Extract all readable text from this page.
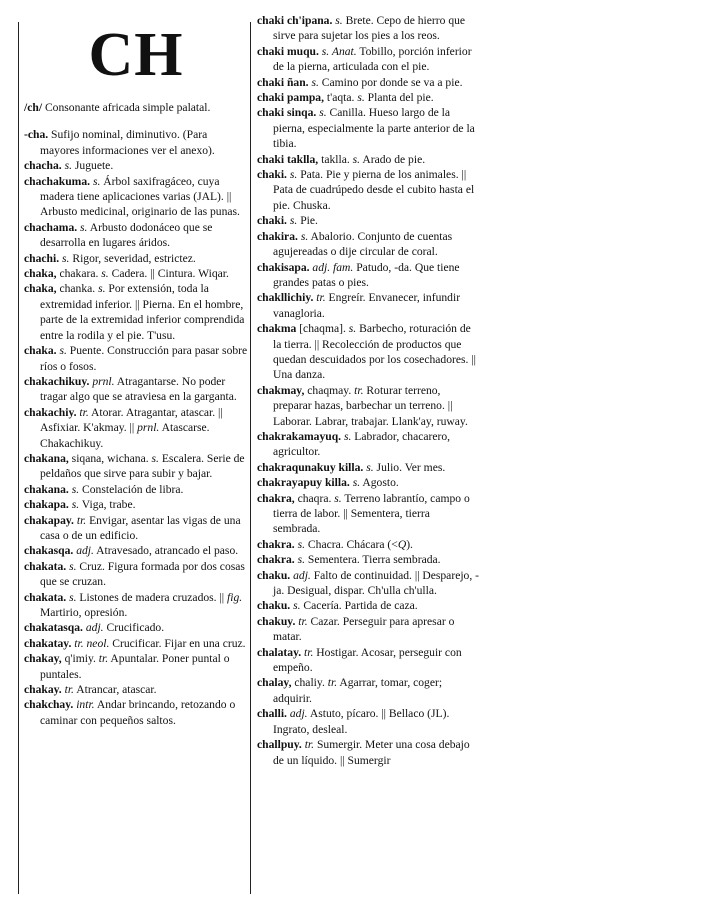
CH

/ch/ Consonante africada simple palatal.

-cha. Sufijo nominal, diminutivo. (Para mayores informaciones ver el anexo).

chacha. s. Juguete.

chachakuma. s. Árbol saxifragáceo, cuya madera tiene aplicaciones varias (JAL). || Arbusto medicinal, originario de las punas.

chachama. s. Arbusto dodonáceo que se desarrolla en lugares áridos.

chachi. s. Rigor, severidad, estrictez.

chaka, chakara. s. Cadera. || Cintura. Wiqar.

chaka, chanka. s. Por extensión, toda la extremidad inferior. || Pierna. En el hombre, parte de la extremidad inferior comprendida entre la rodila y el pie. T'usu.

chaka. s. Puente. Construcción para pasar sobre ríos o fosos.

chakachikuy. prnl. Atragantarse. No poder tragar algo que se atraviesa en la garganta.

chakachiy. tr. Atorar. Atragantar, atascar. || Asfixiar. K'akmay. || prnl. Atascarse. Chakachikuy.

chakana, siqana, wichana. s. Escalera. Serie de peldaños que sirve para subir y bajar.

chakana. s. Constelación de libra.

chakapa. s. Viga, trabe.

chakapay. tr. Envigar, asentar las vigas de una casa o de un edificio.

chakasqa. adj. Atravesado, atrancado el paso.

chakata. s. Cruz. Figura formada por dos cosas que se cruzan.

chakata. s. Listones de madera cruzados. || fig. Martirio, opresión.

chakatasqa. adj. Crucificado.

chakatay. tr. neol. Crucificar. Fijar en una cruz.

chakay, q'imiy. tr. Apuntalar. Poner puntal o puntales.

chakay. tr. Atrancar, atascar.

chakchay. intr. Andar brincando, retozando o caminar con pequeños saltos.

chaki ch'ipana. s. Brete. Cepo de hierro que sirve para sujetar los pies a los reos.

chaki muqu. s. Anat. Tobillo, porción inferior de la pierna, articulada con el pie.

chaki ñan. s. Camino por donde se va a pie.

chaki pampa, t'aqta. s. Planta del pie.

chaki sinqa. s. Canilla. Hueso largo de la pierna, especialmente la parte anterior de la tibia.

chaki taklla, taklla. s. Arado de pie.

chaki. s. Pata. Pie y pierna de los animales. || Pata de cuadrúpedo desde el cubito hasta el pie. Chuska.

chaki. s. Pie.

chakira. s. Abalorio. Conjunto de cuentas agujereadas o dije circular de coral.

chakisapa. adj. fam. Patudo, -da. Que tiene grandes patas o pies.

chakllichiy. tr. Engreír. Envanecer, infundir vanagloria.

chakma [chaqma]. s. Barbecho, roturación de la tierra. || Recolección de productos que quedan descuidados por los cosechadores. || Una danza.

chakmay, chaqmay. tr. Roturar terreno, preparar hazas, barbechar un terreno. || Laborar. Labrar, trabajar. Llank'ay, ruway.

chakrakamayuq. s. Labrador, chacarero, agricultor.

chakraqunakuy killa. s. Julio. Ver mes.

chakrayapuy killa. s. Agosto.

chakra, chaqra. s. Terreno labrantío, campo o tierra de labor. || Sementera, tierra sembrada.

chakra. s. Chacra. Chácara (<Q).

chakra. s. Sementera. Tierra sembrada.

chaku. adj. Falto de continuidad. || Desparejo, -ja. Desigual, dispar. Ch'ulla ch'ulla.

chaku. s. Cacería. Partida de caza.

chakuy. tr. Cazar. Perseguir para apresar o matar.

chalatay. tr. Hostigar. Acosar, perseguir con empeño.

chalay, chaliy. tr. Agarrar, tomar, coger; adquirir.

challi. adj. Astuto, pícaro. || Bellaco (JL). Ingrato, desleal.

challpuy. tr. Sumergir. Meter una cosa debajo de un líquido. || Sumergir
